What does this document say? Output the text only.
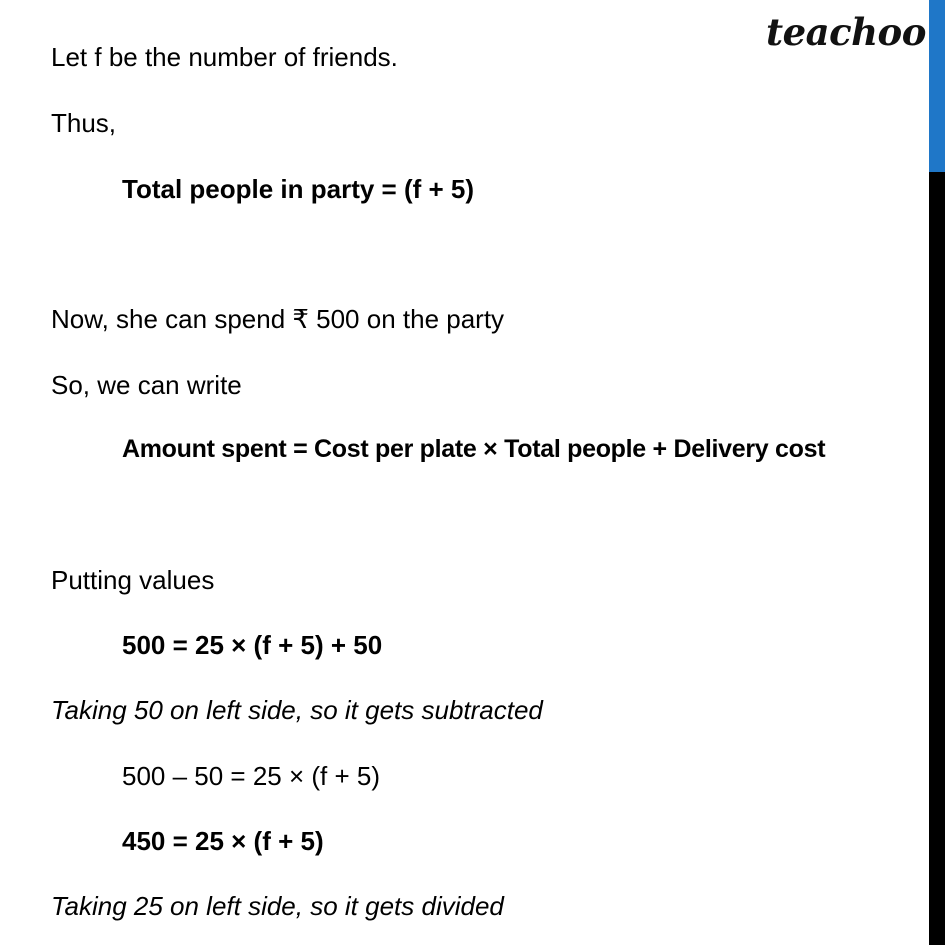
teachoo
Let f be the number of friends.
Thus,
Total people in party = (f + 5)
Now, she can spend ₹ 500 on the party
So, we can write
Amount spent = Cost per plate × Total people + Delivery cost
Putting values
500 = 25 × (f + 5) + 50
Taking 50 on left side, so it gets subtracted
500 – 50 = 25 × (f + 5)
450 = 25 × (f + 5)
Taking 25 on left side, so it gets divided
